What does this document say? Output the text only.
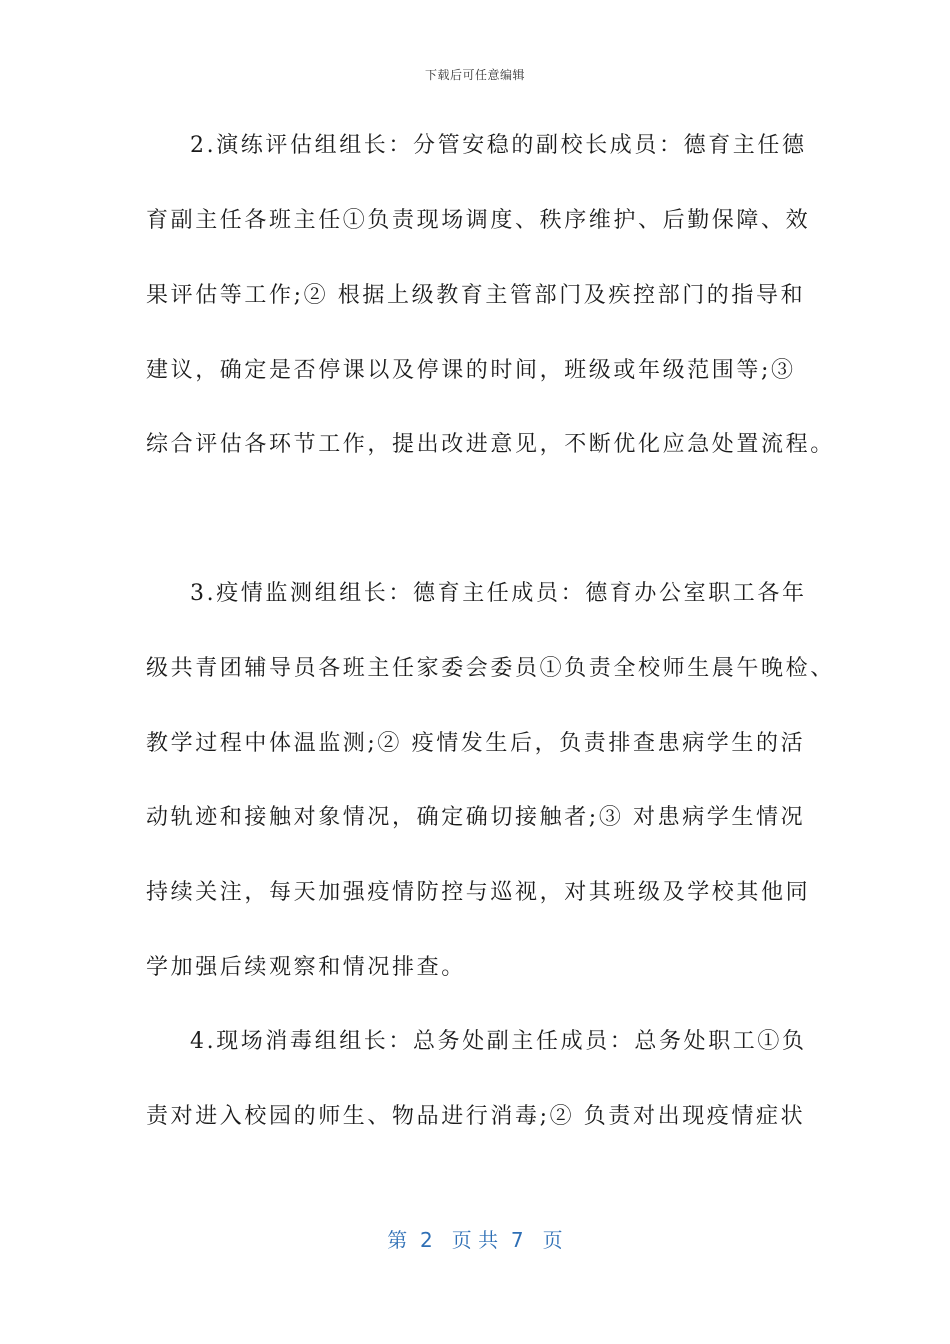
下载后可任意编辑
2.演练评估组组长：分管安稳的副校长成员：德育主任德
育副主任各班主任①负责现场调度、秩序维护、后勤保障、效
果评估等工作;② 根据上级教育主管部门及疾控部门的指导和
建议，确定是否停课以及停课的时间，班级或年级范围等;③
综合评估各环节工作，提出改进意见，不断优化应急处置流程。
3.疫情监测组组长：德育主任成员：德育办公室职工各年
级共青团辅导员各班主任家委会委员①负责全校师生晨午晚检、
教学过程中体温监测;② 疫情发生后，负责排查患病学生的活
动轨迹和接触对象情况，确定确切接触者;③ 对患病学生情况
持续关注，每天加强疫情防控与巡视，对其班级及学校其他同
学加强后续观察和情况排查。
4.现场消毒组组长：总务处副主任成员：总务处职工①负
责对进入校园的师生、物品进行消毒;② 负责对出现疫情症状
第  2   页 共  7   页
